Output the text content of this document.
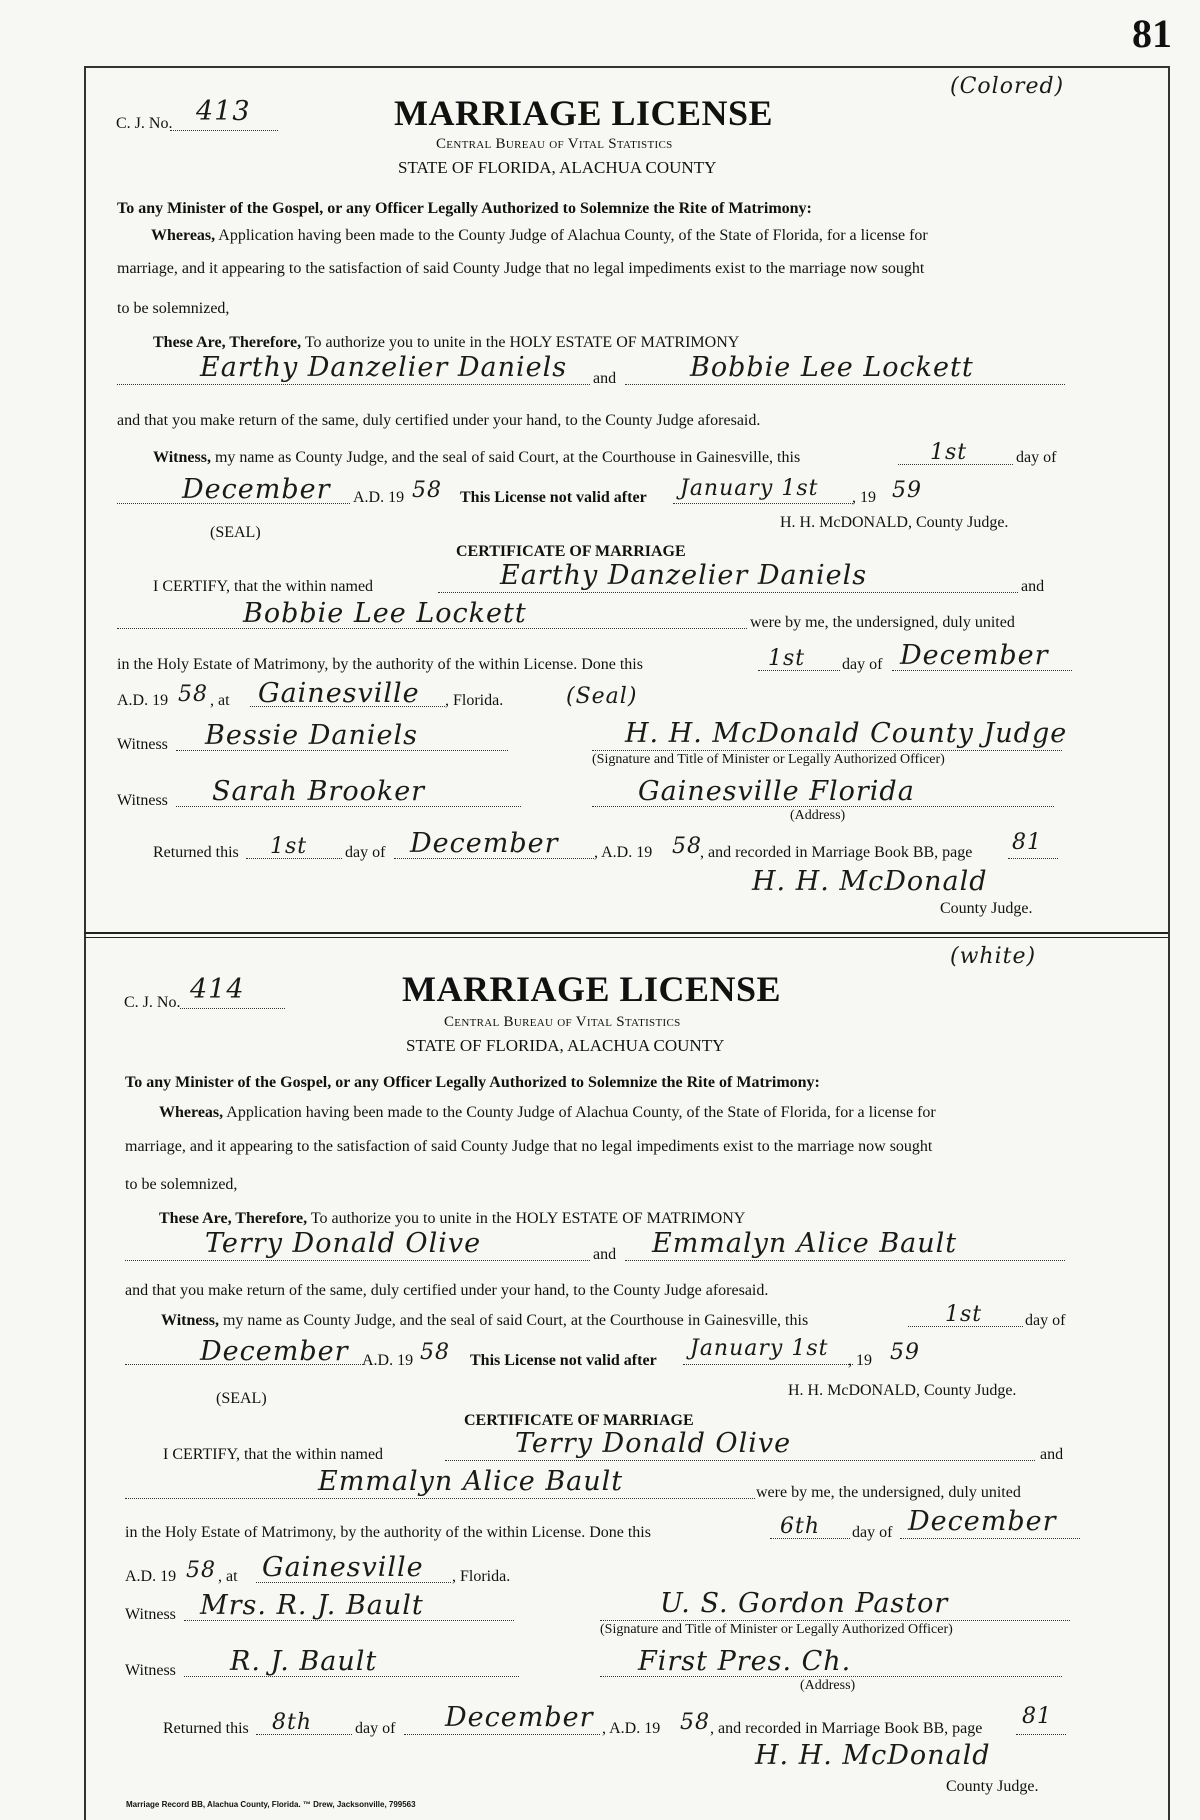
81
C. J. No. 413	MARRIAGE LICENSE
Central Bureau of Vital Statistics
STATE OF FLORIDA, ALACHUA COUNTY
(Colored)
To any Minister of the Gospel, or any Officer Legally Authorized to Solemnize the Rite of Matrimony:
Whereas, Application having been made to the County Judge of Alachua County, of the State of Florida, for a license for
marriage, and it appearing to the satisfaction of said County Judge that no legal impediments exist to the marriage now sought
to be solemnized,
These Are, Therefore, To authorize you to unite in the HOLY ESTATE OF MATRIMONY
Earthy Danzelier Daniels and	Bobbie Lee Lockett
and that you make return of the same, duly certified under your hand, to the County Judge aforesaid.
Witness, my name as County Judge, and the seal of said Court, at the Courthouse in Gainesville, this	1st	day of
December A.D. 19 58 This License not valid after January 1st , 19 59
(SEAL)
H. H. McDONALD, County Judge.
CERTIFICATE OF MARRIAGE
I CERTIFY, that the within named	Earthy Danzelier Daniels	and
Bobbie Lee Lockett	were by me, the undersigned, duly united
in the Holy Estate of Matrimony, by the authority of the within License. Done this	1st day of December
A.D. 19 58 , at Gainesville , Florida.	(Seal)
Witness Bessie Daniels	H. H. McDonald County Judge
(Signature and Title of Minister or Legally Authorized Officer)
Witness Sarah Brooker	Gainesville Florida
(Address)
Returned this 1st day of December , A.D. 19 58
, and recorded in Marriage Book BB, page 81
H. H. McDonald
County Judge.
C. J. No. 414	MARRIAGE LICENSE
Central Bureau of Vital Statistics
STATE OF FLORIDA, ALACHUA COUNTY
(white)
To any Minister of the Gospel, or any Officer Legally Authorized to Solemnize the Rite of Matrimony:
Whereas, Application having been made to the County Judge of Alachua County, of the State of Florida, for a license for
marriage, and it appearing to the satisfaction of said County Judge that no legal impediments exist to the marriage now sought
to be solemnized,
These Are, Therefore, To authorize you to unite in the HOLY ESTATE OF MATRIMONY
Terry Donald Olive	and Emmalyn Alice Bault
and that you make return of the same, duly certified under your hand, to the County Judge aforesaid.
Witness, my name as County Judge, and the seal of said Court, at the Courthouse in Gainesville, this	1st	day of
December A.D. 19 58 This License not valid after January 1st , 19 59
(SEAL)	H. H. McDONALD, County Judge.
CERTIFICATE OF MARRIAGE
I CERTIFY, that the within named	Terry Donald Olive	and
Emmalyn Alice Bault	were by me, the undersigned, duly united
in the Holy Estate of Matrimony, by the authority of the within License. Done this	6th day of December
A.D. 19 58 , at Gainesville , Florida.
Witness Mrs. R. J. Bault	U. S. Gordon Pastor
(Signature and Title of Minister or Legally Authorized Officer)
Witness R. J. Bault	First Pres. Ch.
(Address)
Returned this 8th	day of December , A.D. 19 58 , and recorded in Marriage Book BB, page 81
H. H. McDonald
County Judge.
Marriage Record BB, Alachua County, Florida. ™ Drew, Jacksonville, 799563
